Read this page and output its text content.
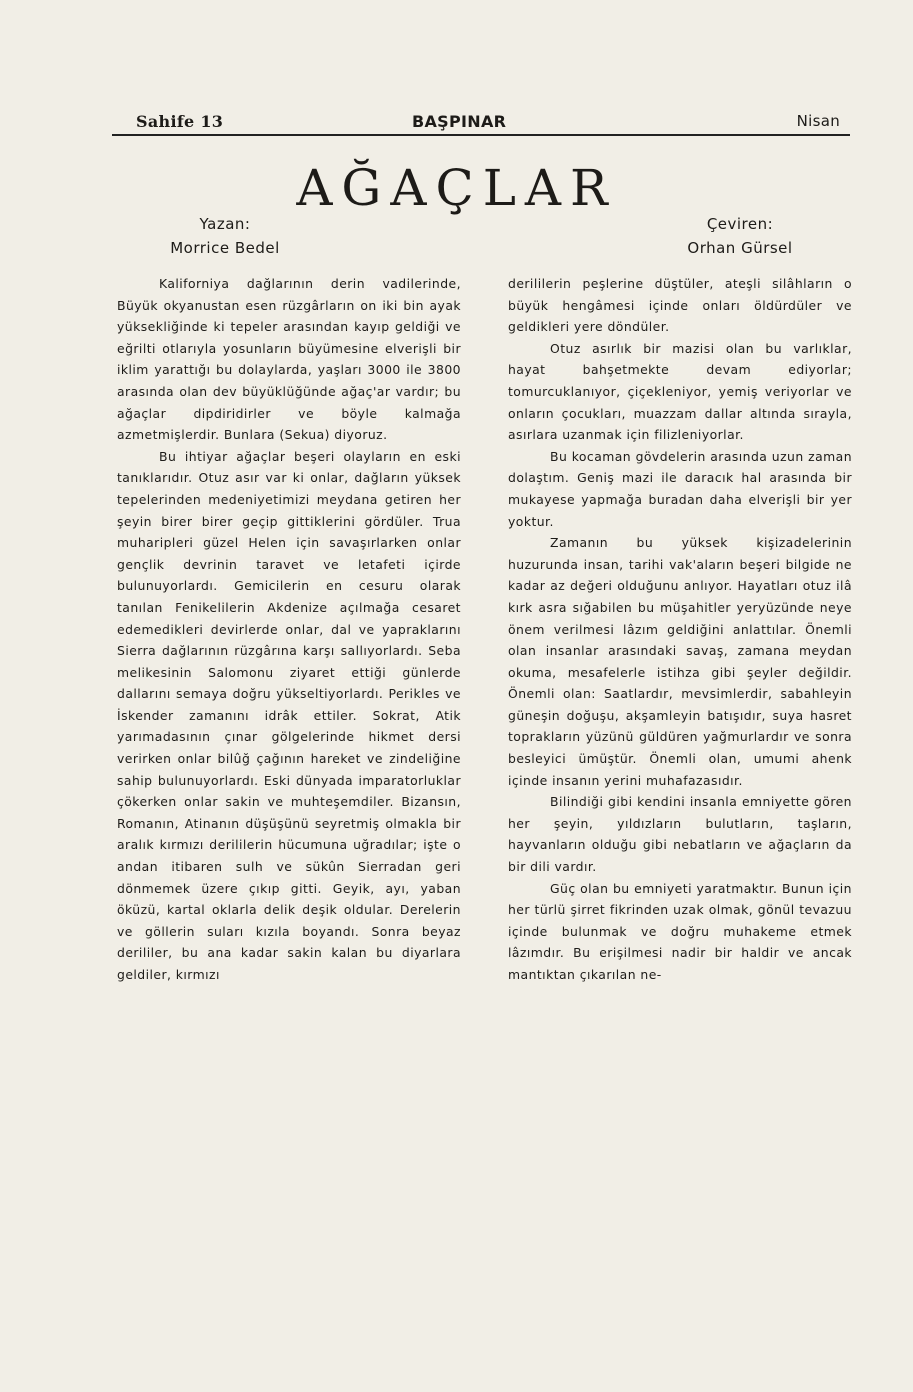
Sahife 13	BAŞPINAR	Nisan
AĞAÇLAR
Yazan:
Morrice Bedel
Çeviren:
Orhan Gürsel

Kaliforniya dağlarının derin vadilerinde, Büyük okyanustan esen rüzgârların on iki bin ayak yüksekliğinde ki tepeler arasından kayıp geldiği ve eğrilti otlarıyla yosunların büyümesine elverişli bir iklim yarattığı bu dolaylarda, yaşları 3000 ile 3800 arasında olan dev büyüklüğünde ağaç'ar vardır; bu ağaçlar dipdiridirler ve böyle kalmağa azmetmişlerdir. Bunlara (Sekua) diyoruz.

Bu ihtiyar ağaçlar beşeri olayların en eski tanıklarıdır. Otuz asır var ki onlar, dağların yüksek tepelerinden medeniyetimizi meydana getiren her şeyin birer birer geçip gittiklerini gördüler. Trua muharipleri güzel Helen için savaşırlarken onlar gençlik devrinin taravet ve letafeti içirde bulunuyorlardı. Gemicilerin en cesuru olarak tanılan Fenikelilerin Akdenize açılmağa cesaret edemedikleri devirlerde onlar, dal ve yapraklarını Sierra dağlarının rüzgârına karşı sallıyorlardı. Seba melikesinin Salomonu ziyaret ettiği günlerde dallarını semaya doğru yükseltiyorlardı. Perikles ve İskender zamanını idrâk ettiler. Sokrat, Atik yarımadasının çınar gölgelerinde hikmet dersi verirken onlar bilûğ çağının hareket ve zindeliğine sahip bulunuyorlardı. Eski dünyada imparatorluklar çökerken onlar sakin ve muhteşemdiler. Bizansın, Romanın, Atinanın düşüşünü seyretmiş olmakla bir aralık kırmızı derililerin hücumuna uğradılar; işte o andan itibaren sulh ve sükûn Sierradan geri dönmemek üzere çıkıp gitti. Geyik, ayı, yaban öküzü, kartal oklarla delik deşik oldular. Derelerin ve göllerin suları kızıla boyandı. Sonra beyaz derililer, bu ana kadar sakin kalan bu diyarlara geldiler, kırmızı

derililerin peşlerine düştüler, ateşli silâhların o büyük hengâmesi içinde onları öldürdüler ve geldikleri yere döndüler.

Otuz asırlık bir mazisi olan bu varlıklar, hayat bahşetmekte devam ediyorlar; tomurcuklanıyor, çiçekleniyor, yemiş veriyorlar ve onların çocukları, muazzam dallar altında sırayla, asırlara uzanmak için filizleniyorlar.

Bu kocaman gövdelerin arasında uzun zaman dolaştım. Geniş mazi ile daracık hal arasında bir mukayese yapmağa buradan daha elverişli bir yer yoktur.

Zamanın bu yüksek kişizadelerinin huzurunda insan, tarihi vak'aların beşeri bilgide ne kadar az değeri olduğunu anlıyor. Hayatları otuz ilâ kırk asra sığabilen bu müşahitler yeryüzünde neye önem verilmesi lâzım geldiğini anlattılar. Önemli olan insanlar arasındaki savaş, zamana meydan okuma, mesafelerle istihza gibi şeyler değildir. Önemli olan: Saatlardır, mevsimlerdir, sabahleyin güneşin doğuşu, akşamleyin batışıdır, suya hasret toprakların yüzünü güldüren yağmurlardır ve sonra besleyici ümüştür. Önemli olan, umumi ahenk içinde insanın yerini muhafazasıdır.

Bilindiği gibi kendini insanla emniyette gören her şeyin, yıldızların bulutların, taşların, hayvanların olduğu gibi nebatların ve ağaçların da bir dili vardır.

Güç olan bu emniyeti yaratmaktır. Bunun için her türlü şirret fikrinden uzak olmak, gönül tevazuu içinde bulunmak ve doğru muhakeme etmek lâzımdır. Bu erişilmesi nadir bir haldir ve ancak mantıktan çıkarılan ne-
